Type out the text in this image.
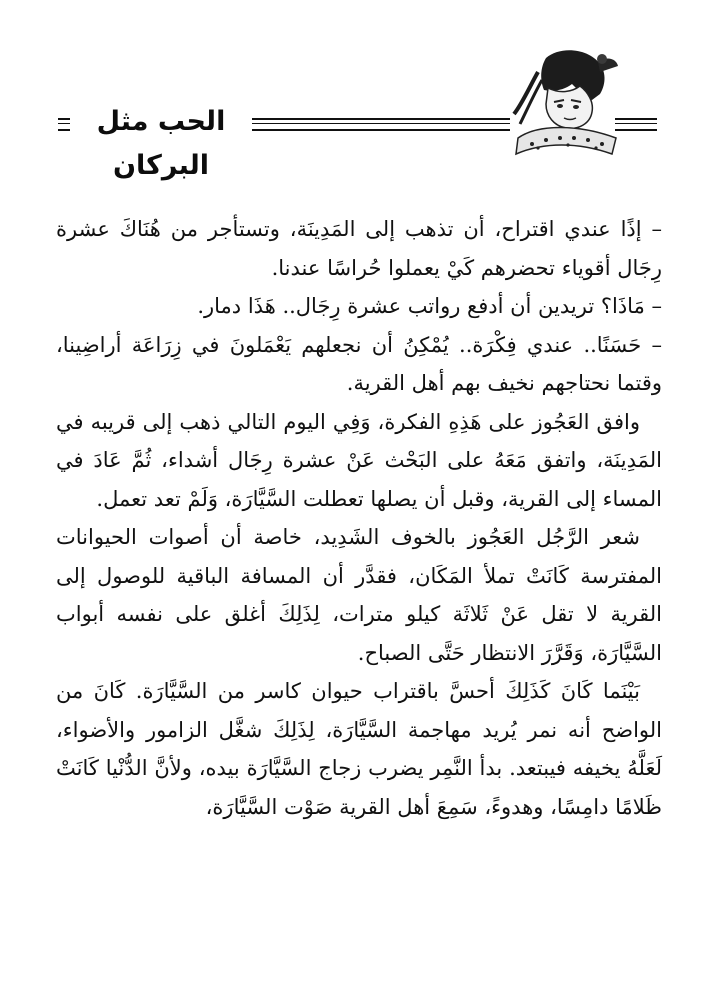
الحب مثل البركان

– إذًا عندي اقتراح، أن تذهب إلى المَدِينَة، وتستأجر من هُنَاكَ عشرة رِجَال أقوياء تحضرهم كَيْ يعملوا حُراسًا عندنا.

– مَاذَا؟ تريدين أن أدفع رواتب عشرة رِجَال.. هَذَا دمار.

– حَسَنًا.. عندي فِكْرَة.. يُمْكِنُ أن نجعلهم يَعْمَلونَ في زِرَاعَة أراضِينا، وقتما نحتاجهم نخيف بهم أهل القرية.

وافق العَجُوز على هَذِهِ الفكرة، وَفِي اليوم التالي ذهب إلى قريبه في المَدِينَة، واتفق مَعَهُ على البَحْث عَنْ عشرة رِجَال أشداء، ثُمَّ عَادَ في المساء إلى القرية، وقبل أن يصلها تعطلت السَّيَّارَة، وَلَمْ تعد تعمل.

شعر الرَّجُل العَجُوز بالخوف الشَدِيد، خاصة أن أصوات الحيوانات المفترسة كَانَتْ تملأ المَكَان، فقدَّر أن المسافة الباقية للوصول إلى القرية لا تقل عَنْ ثَلاثَة كيلو مترات، لِذَلِكَ أغلق على نفسه أبواب السَّيَّارَة، وَقَرَّرَ الانتظار حَتَّى الصباح.

بَيْنَما كَانَ كَذَلِكَ أحسَّ باقتراب حيوان كاسر من السَّيَّارَة. كَانَ من الواضح أنه نمر يُريد مهاجمة السَّيَّارَة، لِذَلِكَ شغَّل الزامور والأضواء، لَعَلَّهُ يخيفه فيبتعد. بدأ النَّمِر يضرب زجاج السَّيَّارَة بيده، ولأنَّ الدُّنْيا كَانَتْ ظَلامًا دامِسًا، وهدوءً، سَمِعَ أهل القرية صَوْت السَّيَّارَة،
